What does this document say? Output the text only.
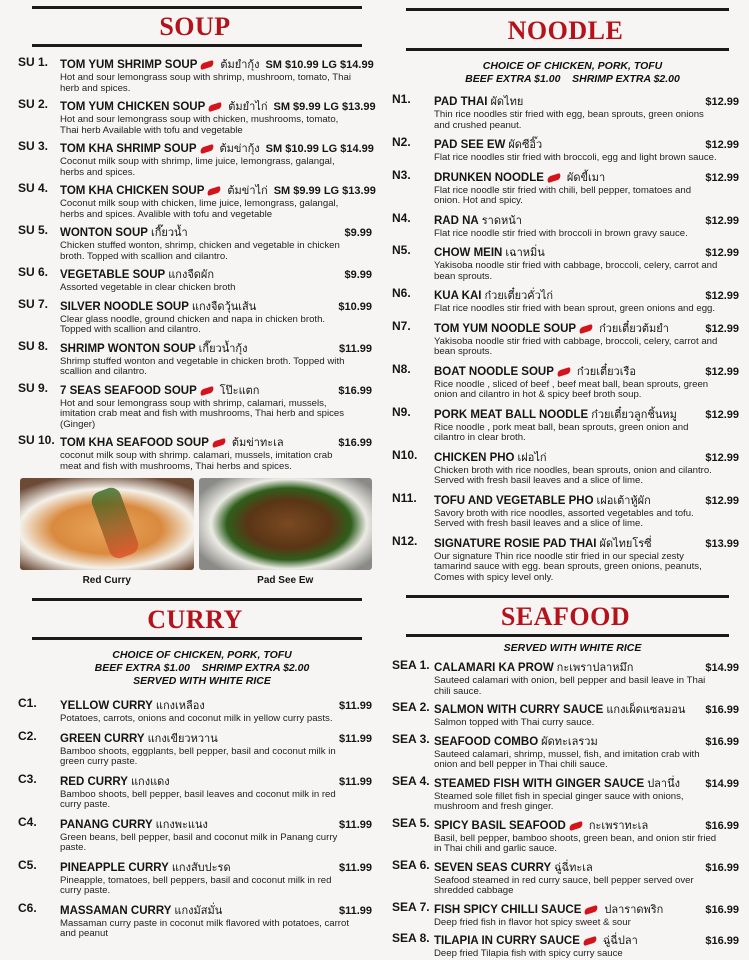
SOUP
SU 1.	TOM YUM SHRIMP SOUP ต้มยำกุ้ง SM $10.99 LG $14.99
Hot and sour lemongrass soup with shrimp, mushroom, tomato, Thai herb and spices.
SU 2.	TOM YUM CHICKEN SOUP ต้มยำไก่ SM $9.99 LG $13.99
Hot and sour lemongrass soup with chicken, mushrooms, tomato, Thai herb Available with tofu and vegetable
SU 3.	TOM KHA SHRIMP SOUP ต้มข่ากุ้ง SM $10.99 LG $14.99
Coconut milk soup with shrimp, lime juice, lemongrass, galangal, herbs and spices.
SU 4.	TOM KHA CHICKEN SOUP ต้มข่าไก่ SM $9.99 LG $13.99
Coconut milk soup with chicken, lime juice, lemongrass, galangal, herbs and spices. Avalible with tofu and vegetable
SU 5.	WONTON SOUP เกี๊ยวน้ำ	$9.99
Chicken stuffed wonton, shrimp, chicken and vegetable in chicken broth. Topped with scallion and cilantro.
SU 6.	VEGETABLE SOUP แกงจืดผัก	$9.99
Assorted vegetable in clear chicken broth
SU 7.	SILVER NOODLE SOUP แกงจืดวุ้นเส้น	$10.99
Clear glass noodle, ground chicken and napa in chicken broth. Topped with scallion and cilantro.
SU 8.	SHRIMP WONTON SOUP เกี๊ยวน้ำกุ้ง	$11.99
Shrimp stuffed wonton and vegetable in chicken broth. Topped with scallion and cilantro.
SU 9.	7 SEAS SEAFOOD SOUP โป๊ะแตก	$16.99
Hot and sour lemongrass soup with shrimp, calamari, mussels, imitation crab meat and fish with mushrooms, Thai herb and spices (Ginger)
SU 10. TOM KHA SEAFOOD SOUP ต้มข่าทะเล	$16.99
coconut milk soup with shrimp. calamari, mussels, imitation crab meat and fish with mushrooms, Thai herbs and spices.
Red Curry	Pad See Ew
CURRY
CHOICE OF CHICKEN, PORK, TOFU
BEEF EXTRA $1.00    SHRIMP EXTRA $2.00
SERVED WITH WHITE RICE
C1.	YELLOW CURRY แกงเหลือง	$11.99
Potatoes, carrots, onions and coconut milk in yellow curry pasts.
C2.	GREEN CURRY แกงเขียวหวาน	$11.99
Bamboo shoots, eggplants, bell pepper, basil and coconut milk in green curry paste.
C3.	RED CURRY แกงแดง	$11.99
Bamboo shoots, bell pepper, basil leaves and coconut milk in red curry paste.
C4.	PANANG CURRY แกงพะแนง	$11.99
Green beans, bell pepper, basil and coconut milk in Panang curry paste.
C5.	PINEAPPLE CURRY แกงสับปะรด	$11.99
Pineapple, tomatoes, bell peppers, basil and coconut milk in red curry paste.
C6.	MASSAMAN CURRY แกงมัสมั่น	$11.99
Massaman curry paste in coconut milk flavored with potatoes, carrot and peanut
NOODLE
CHOICE OF CHICKEN, PORK, TOFU
BEEF EXTRA $1.00    SHRIMP EXTRA $2.00
N1.	PAD THAI ผัดไทย	$12.99
Thin rice noodles stir fried with egg, bean sprouts, green onions and crushed peanut.
N2.	PAD SEE EW ผัดซีอิ๊ว	$12.99
Flat rice noodles stir fried with broccoli, egg and light brown sauce.
N3.	DRUNKEN NOODLE ผัดขี้เมา	$12.99
Flat rice noodle stir fried with chili, bell pepper, tomatoes and onion. Hot and spicy.
N4.	RAD NA ราดหน้า	$12.99
Flat rice noodle stir fried with broccoli in brown gravy sauce.
N5.	CHOW MEIN เฉาหมิ่น	$12.99
Yakisoba noodle stir fried with cabbage, broccoli, celery, carrot and bean sprouts.
N6.	KUA KAI ก๋วยเตี๋ยวคั่วไก่	$12.99
Flat rice noodles stir fried with bean sprout, green onions and egg.
N7.	TOM YUM NOODLE SOUP ก๋วยเตี๋ยวต้มยำ	$12.99
Yakisoba noodle stir fried with cabbage, broccoli, celery, carrot and bean sprouts.
N8.	BOAT NOODLE SOUP ก๋วยเตี๋ยวเรือ	$12.99
Rice noodle , sliced of beef , beef meat ball, bean sprouts, green onion and cilantro in hot & spicy beef broth soup.
N9.	PORK MEAT BALL NOODLE ก๋วยเตี๋ยวลูกชิ้นหมู	$12.99
Rice noodle , pork meat ball, bean sprouts, green onion and cilantro in clear broth.
N10.	CHICKEN PHO เฝอไก่	$12.99
Chicken broth with rice noodles, bean sprouts, onion and cilantro. Served with fresh basil leaves and a slice of lime.
N11.	TOFU AND VEGETABLE PHO เฝอเต้าหู้ผัก	$12.99
Savory broth with rice noodles, assorted vegetables and tofu. Served with fresh basil leaves and a slice of lime.
N12.	SIGNATURE ROSIE PAD THAI ผัดไทยโรซี่	$13.99
Our signature Thin rice noodle stir fried in our special zesty tamarind sauce with egg. bean sprouts, green onions, peanuts, Comes with spicy level only.
SEAFOOD
SERVED WITH WHITE RICE
SEA 1. CALAMARI KA PROW กะเพราปลาหมึก	$14.99
Sauteed calamari with onion, bell pepper and basil leave in Thai chili sauce.
SEA 2. SALMON WITH CURRY SAUCE แกงเผ็ดแซลมอน	$16.99
Salmon topped with Thai curry sauce.
SEA 3. SEAFOOD COMBO ผัดทะเลรวม	$16.99
Sauteed calamari, shrimp, mussel, fish, and imitation crab with onion and bell pepper in Thai chili sauce.
SEA 4. STEAMED FISH WITH GINGER SAUCE ปลานึ่ง	$14.99
Steamed sole fillet fish in special ginger sauce with onions, mushroom and fresh ginger.
SEA 5. SPICY BASIL SEAFOOD กะเพราทะเล	$16.99
Basil, bell pepper, bamboo shoots, green bean, and onion stir fried in Thai chili and garlic sauce.
SEA 6. SEVEN SEAS CURRY ฉู่ฉี่ทะเล	$16.99
Seafood steamed in red curry sauce, bell pepper served over shredded cabbage
SEA 7. FISH SPICY CHILLI SAUCE ปลาราดพริก	$16.99
Deep fried fish in flavor hot spicy sweet & sour
SEA 8. TILAPIA IN CURRY SAUCE ฉู่ฉี่ปลา	$16.99
Deep fried Tilapia fish with spicy curry sauce
